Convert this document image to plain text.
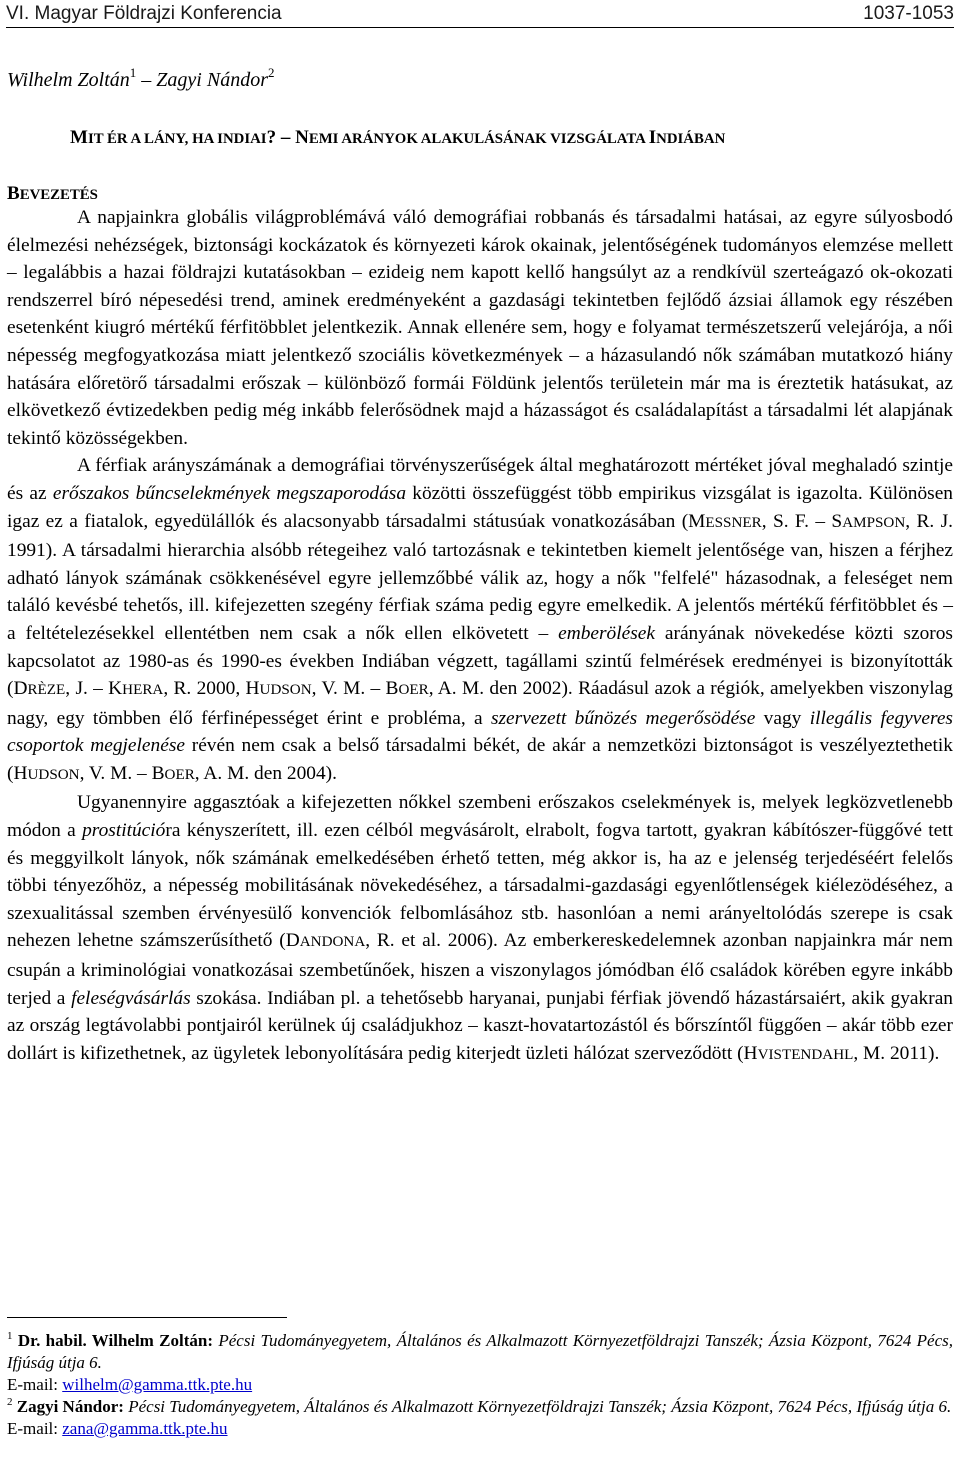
VI. Magyar Földrajzi Konferencia	1037-1053
Wilhelm Zoltán$^1$ – Zagyi Nándor$^2$
MIT ÉR A LÁNY, HA INDIAI? – NEMI ARÁNYOK ALAKULÁSÁNAK VIZSGÁLATA INDIÁBAN
BEVEZETÉS

A napjainkra globális világproblémává váló demográfiai robbanás és társadalmi hatásai, az egyre súlyosbodó élelmezési nehézségek, biztonsági kockázatok és környezeti károk okainak, jelentőségének tudományos elemzése mellett – legalábbis a hazai földrajzi kutatásokban – ezideig nem kapott kellő hangsúlyt az a rendkívül szerteágazó ok-okozati rendszerrel bíró népesedési trend, aminek eredményeként a gazdasági tekintetben fejlődő ázsiai államok egy részében esetenként kiugró mértékű férfitöbblet jelentkezik. Annak ellenére sem, hogy e folyamat természetszerű velejárója, a női népesség megfogyatkozása miatt jelentkező szociális következmények – a házasulandó nők számában mutatkozó hiány hatására előretörő társadalmi erőszak – különböző formái Földünk jelentős területein már ma is éreztetik hatásukat, az elkövetkező évtizedekben pedig még inkább felerősödnek majd a házasságot és családalapítást a társadalmi lét alapjának tekintő közösségekben.

A férfiak arányszámának a demográfiai törvényszerűségek által meghatározott mértéket jóval meghaladó szintje és az erőszakos bűncselekmények megszaporodása közötti összefüggést több empirikus vizsgálat is igazolta. Különösen igaz ez a fiatalok, egyedülállók és alacsonyabb társadalmi státusúak vonatkozásában (MESSNER, S. F. – SAMPSON, R. J. 1991). A társadalmi hierarchia alsóbb rétegeihez való tartozásnak e tekintetben kiemelt jelentősége van, hiszen a férjhez adható lányok számának csökkenésével egyre jellemzőbbé válik az, hogy a nők "felfelé" házasodnak, a feleséget nem találó kevésbé tehetős, ill. kifejezetten szegény férfiak száma pedig egyre emelkedik. A jelentős mértékű férfitöbblet és – a feltételezésekkel ellentétben nem csak a nők ellen elkövetett – emberölések arányának növekedése közti szoros kapcsolatot az 1980-as és 1990-es években Indiában végzett, tagállami szintű felmérések eredményei is bizonyították (DRÈZE, J. – KHERA, R. 2000, HUDSON, V. M. – BOER, A. M. den 2002). Ráadásul azok a régiók, amelyekben viszonylag nagy, egy tömbben élő férfinépességet érint e probléma, a szervezett bűnözés megerősödése vagy illegális fegyveres csoportok megjelenése révén nem csak a belső társadalmi békét, de akár a nemzetközi biztonságot is veszélyeztethetik (HUDSON, V. M. – BOER, A. M. den 2004).

Ugyanennyire aggasztóak a kifejezetten nőkkel szembeni erőszakos cselekmények is, melyek legközvetlenebb módon a prostitúcióra kényszerített, ill. ezen célból megvásárolt, elrabolt, fogva tartott, gyakran kábítószer-függővé tett és meggyilkolt lányok, nők számának emelkedésében érhető tetten, még akkor is, ha az e jelenség terjedéséért felelős többi tényezőhöz, a népesség mobilitásának növekedéséhez, a társadalmi-gazdasági egyenlőtlenségek kiélezödéséhez, a szexualitással szemben érvényesülő konvenciók felbomlásához stb. hasonlóan a nemi arányeltolódás szerepe is csak nehezen lehetne számszerűsíthető (DANDONA, R. et al. 2006). Az emberkereskedelemnek azonban napjainkra már nem csupán a kriminológiai vonatkozásai szembetűnőek, hiszen a viszonylagos jómódban élő családok körében egyre inkább terjed a feleségvásárlás szokása. Indiában pl. a tehetősebb haryanai, punjabi férfiak jövendő házastársaiért, akik gyakran az ország legtávolabbi pontjairól kerülnek új családjukhoz – kaszt-hovatartozástól és bőrszíntől függően – akár több ezer dollárt is kifizethetnek, az ügyletek lebonyolítására pedig kiterjedt üzleti hálózat szerveződött (HVISTENDAHL, M. 2011).

$^1$ Dr. habil. Wilhelm Zoltán: Pécsi Tudományegyetem, Általános és Alkalmazott Környezetföldrajzi Tanszék; Ázsia Központ, 7624 Pécs, Ifjúság útja 6.

E-mail: wilhelm@gamma.ttk.pte.hu

$^2$ Zagyi Nándor: Pécsi Tudományegyetem, Általános és Alkalmazott Környezetföldrajzi Tanszék; Ázsia Központ, 7624 Pécs, Ifjúság útja 6.

E-mail: zana@gamma.ttk.pte.hu
